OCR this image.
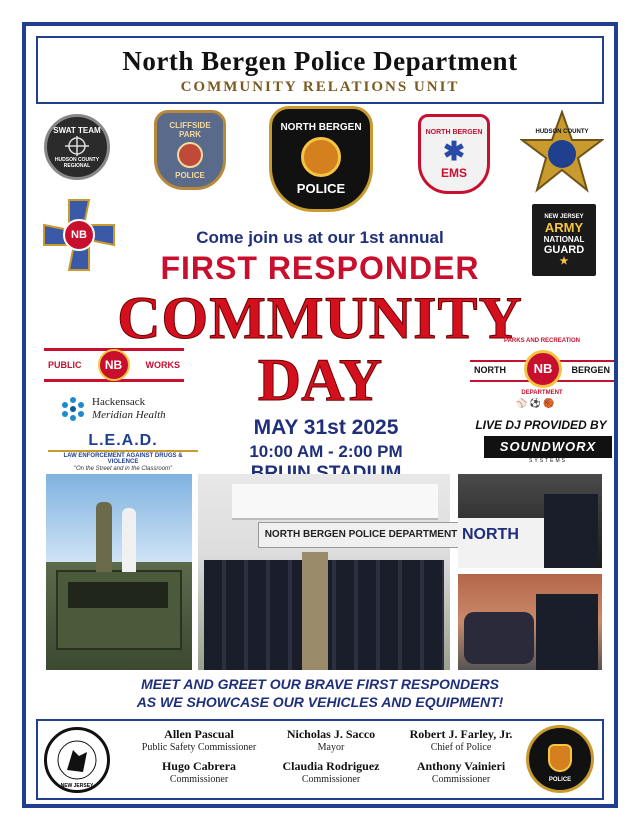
North Bergen Police Department
COMMUNITY RELATIONS UNIT
SWAT TEAM
HUDSON COUNTY REGIONAL
CLIFFSIDE
PARK
POLICE
NORTH BERGEN
POLICE
NORTH BERGEN
✱
EMS
HUDSON COUNTY
NB
NEW JERSEY
ARMY
NATIONAL
GUARD
★
Come join us at our 1st annual
FIRST RESPONDER
COMMUNITY
DAY
PUBLIC	NB	WORKS
Hackensack
Meridian Health
L.E.A.D.
LAW ENFORCEMENT AGAINST DRUGS & VIOLENCE
"On the Street and in the Classroom"
MAY 31st 2025
10:00 AM - 2:00 PM
PARKS AND RECREATION
NORTH	NB	BERGEN
DEPARTMENT
⚾ ⚽ 🏀
LIVE DJ PROVIDED BY
SOUNDWORX
SYSTEMS
NORTH BERGEN POLICE DEPARTMENT NORTH
MEET AND GREET OUR BRAVE FIRST RESPONDERS
AS WE SHOWCASE OUR VEHICLES AND EQUIPMENT!
NEW JERSEY
Allen Pascual
Public Safety Commissioner
Hugo Cabrera
Commissioner
Nicholas J. Sacco
Mayor
Claudia Rodriguez
Commissioner
Robert J. Farley, Jr.
Chief of Police
Anthony Vainieri
Commissioner	POLICE
